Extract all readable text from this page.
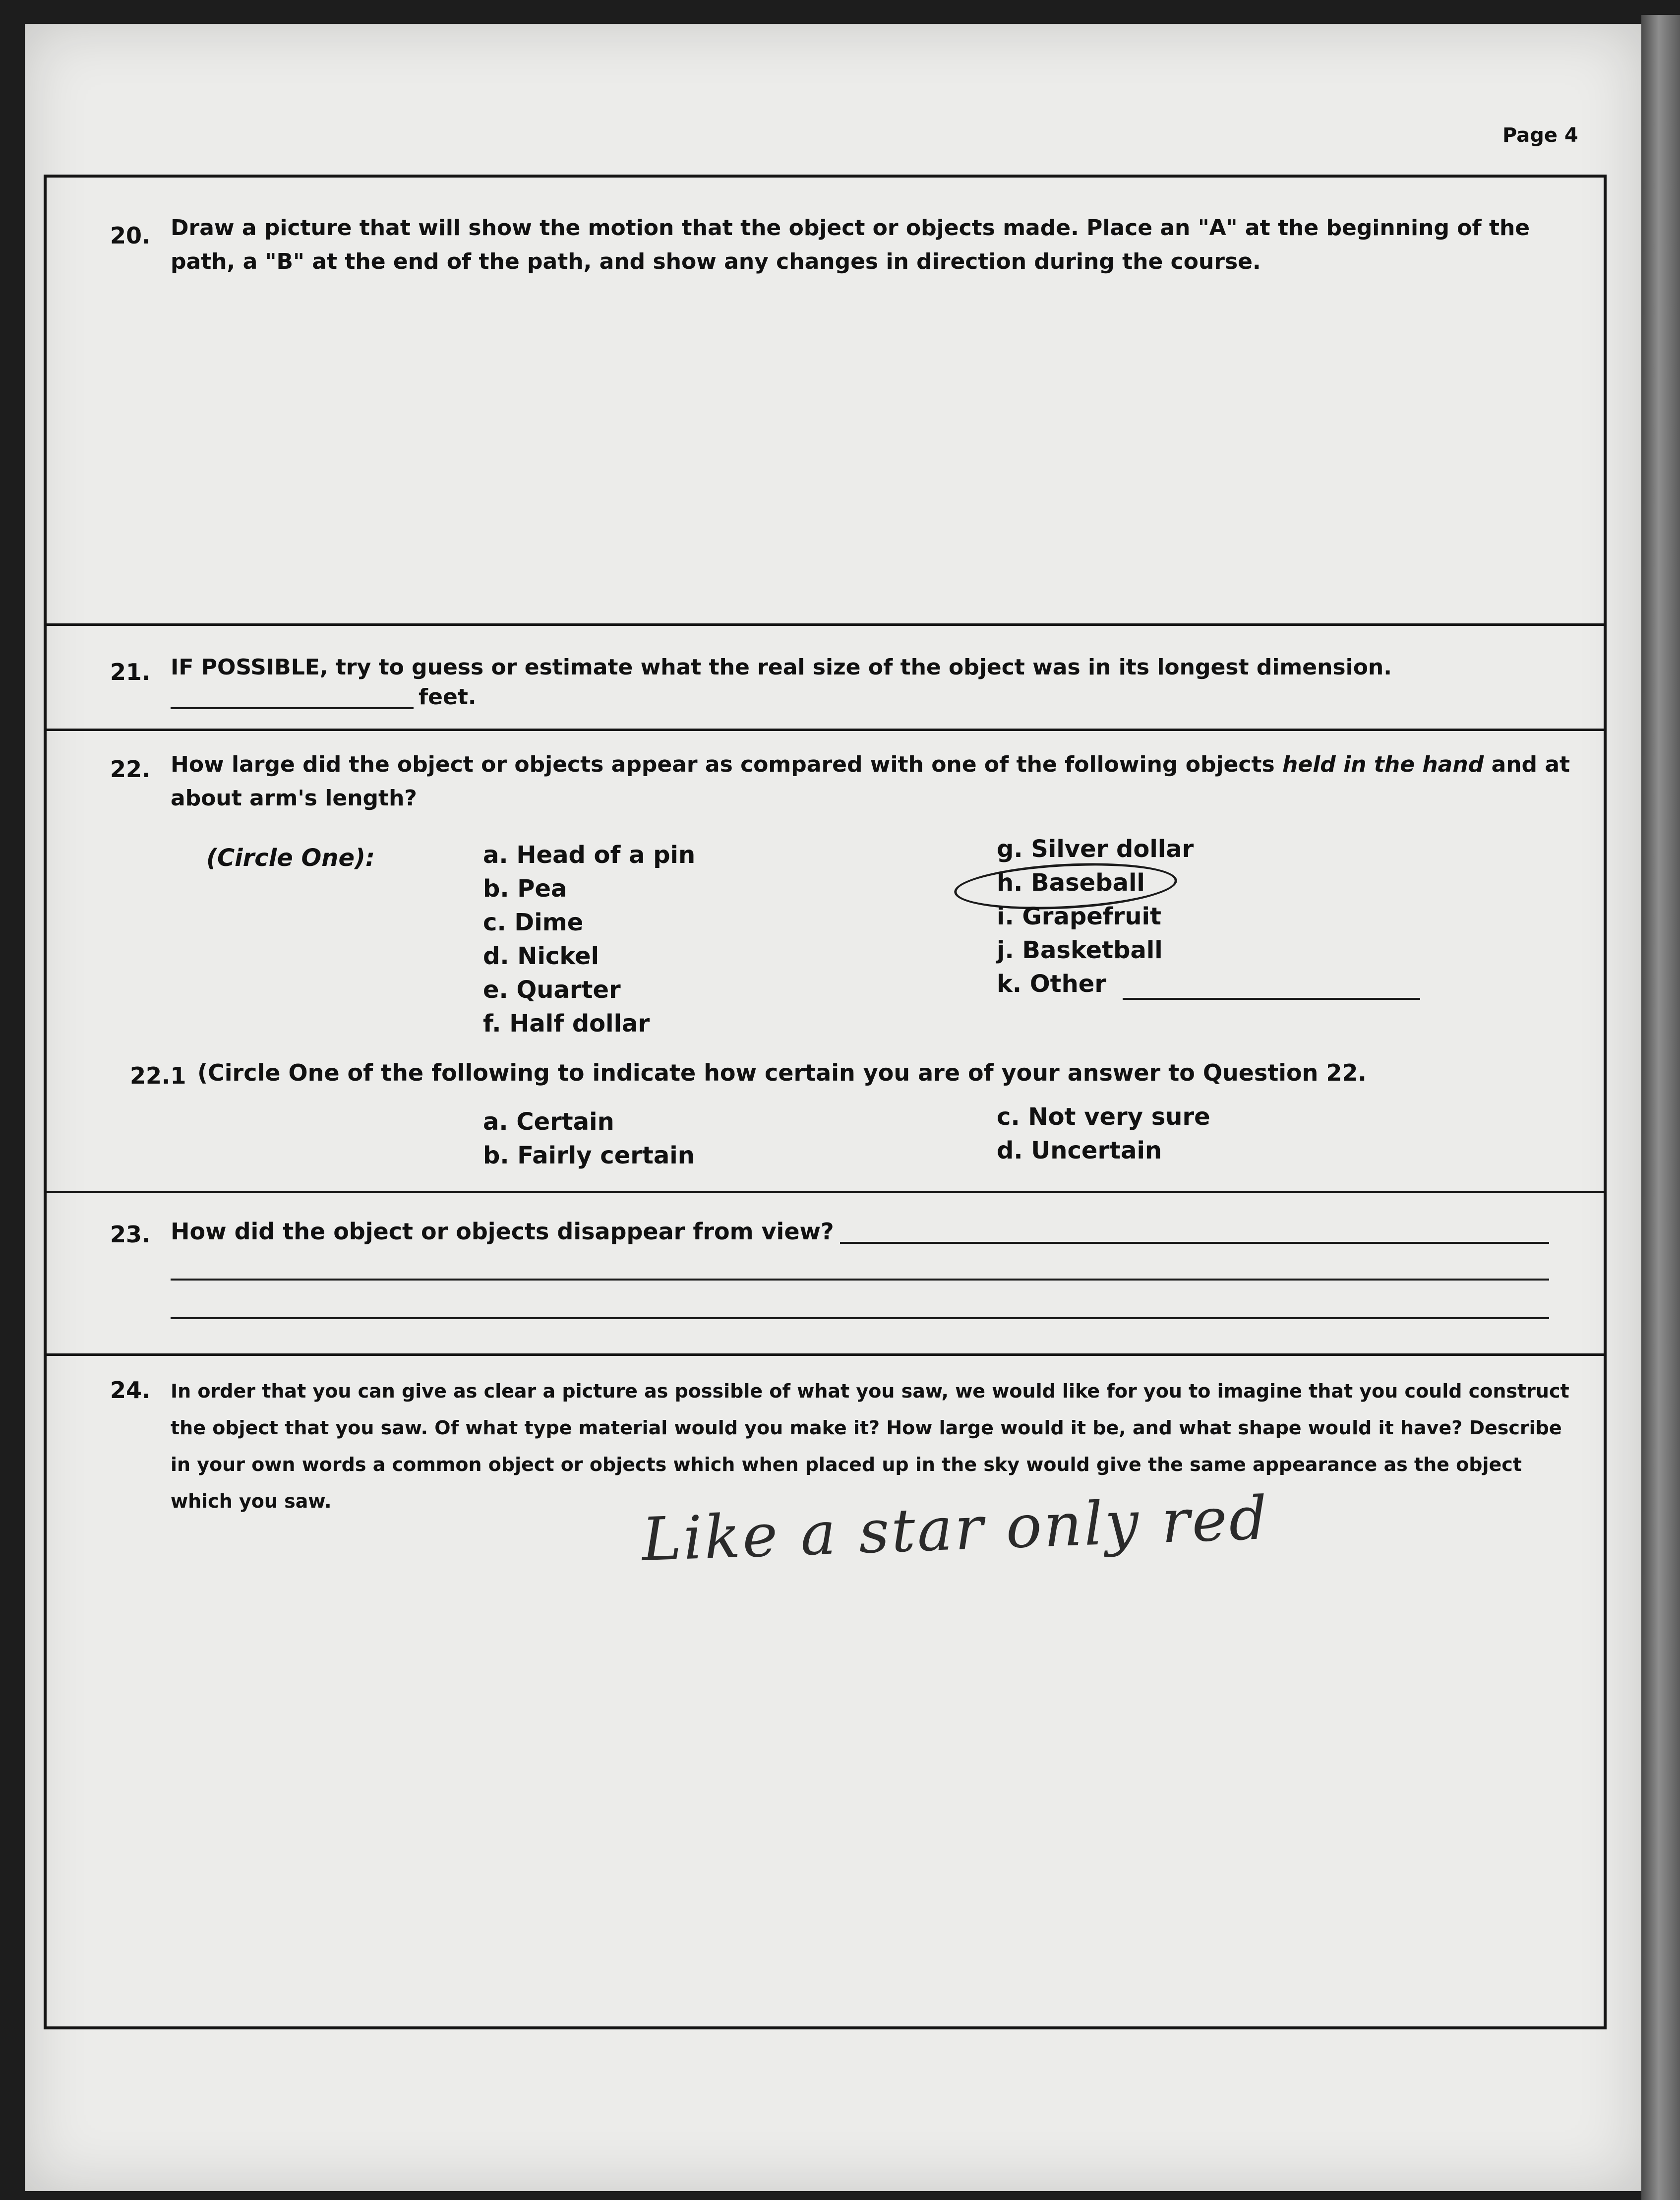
Page 4
20. Draw a picture that will show the motion that the object or objects made. Place an "A" at the beginning of the path, a "B" at the end of the path, and show any changes in direction during the course.
21. IF POSSIBLE, try to guess or estimate what the real size of the object was in its longest dimension.
feet.
22. How large did the object or objects appear as compared with one of the following objects held in the hand and at about arm's length?
(Circle One):	a. Head of a pin
b. Pea
c. Dime
d. Nickel
e. Quarter
f. Half dollar
g. Silver dollar
h. Baseball
i. Grapefruit
j. Basketball
k. Other
22.1 (Circle One of the following to indicate how certain you are of your answer to Question 22.
a. Certain
b. Fairly certain
c. Not very sure
d. Uncertain
23. How did the object or objects disappear from view?
24. In order that you can give as clear a picture as possible of what you saw, we would like for you to imagine that you could construct the object that you saw. Of what type material would you make it? How large would it be, and what shape would it have? Describe in your own words a common object or objects which when placed up in the sky would give the same appearance as the object which you saw.	Like a star only red
